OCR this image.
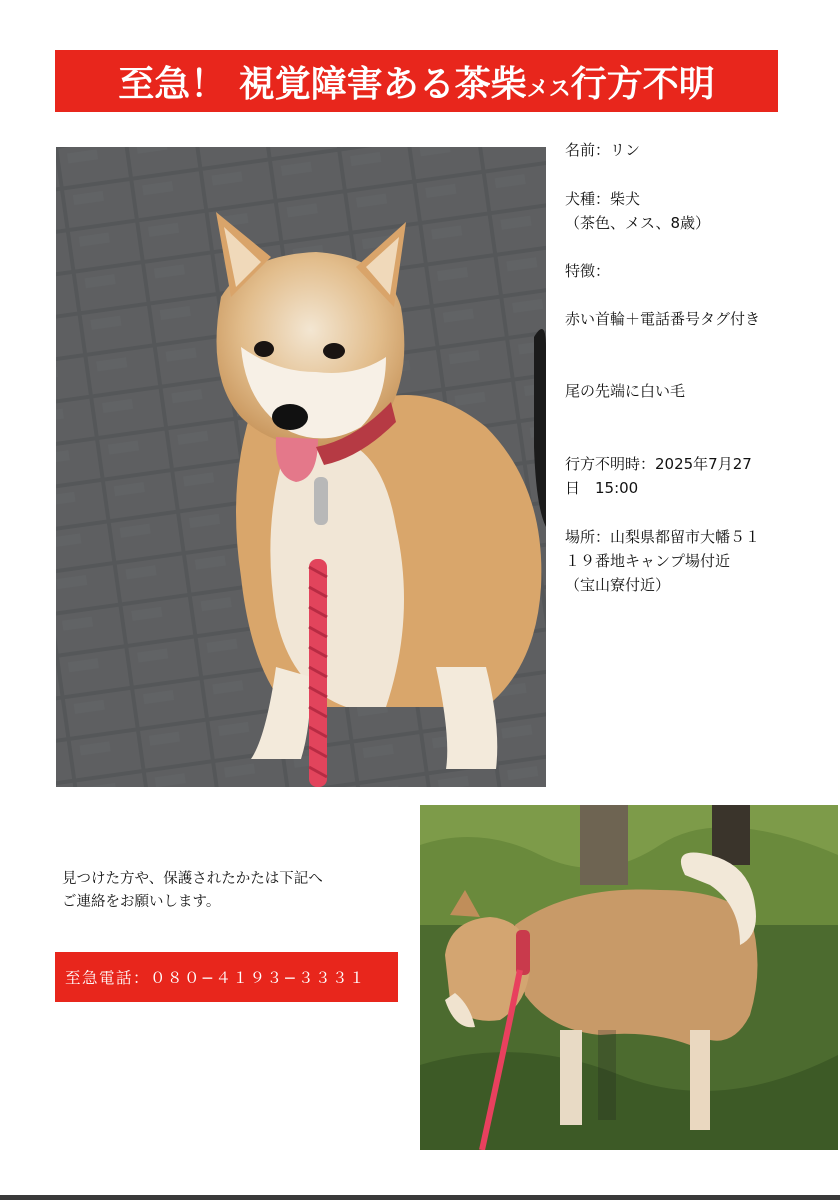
至急！ 視覚障害ある茶柴メス行方不明
名前：リン
犬種：柴犬
（茶色、メス、8歳）
特徴：
赤い首輪＋電話番号タグ付き
尾の先端に白い毛
行方不明時：2025年7月27
日　15:00
場所：山梨県都留市大幡５１
１９番地キャンプ場付近
（宝山寮付近）
見つけた方や、保護されたかたは下記へ
ご連絡をお願いします。
至急電話：０８０−４１９３−３３３１
